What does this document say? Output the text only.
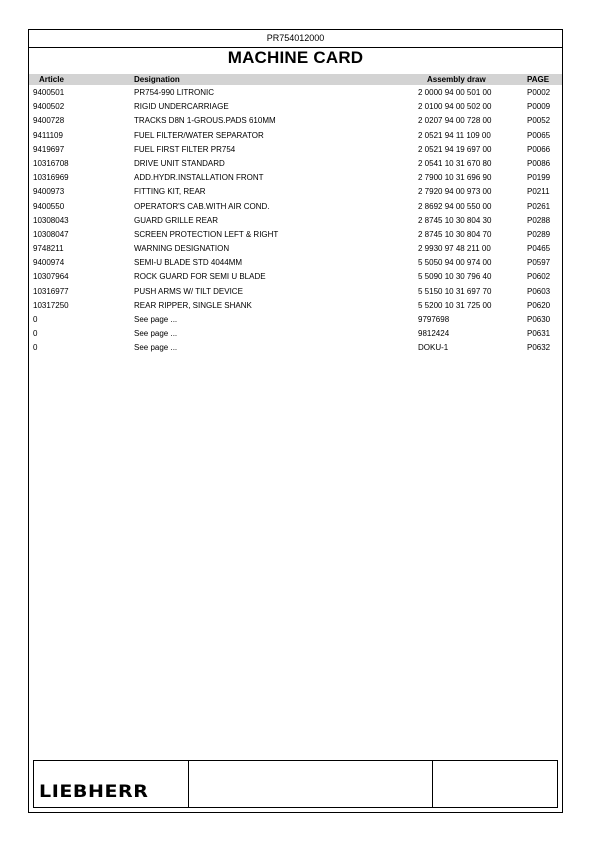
PR754012000
MACHINE CARD
Article	Designation	Assembly draw	PAGE
9400501	PR754-990 LITRONIC	2 0000 94 00 501 00	P0002
9400502	RIGID UNDERCARRIAGE	2 0100 94 00 502 00	P0009
9400728	TRACKS D8N 1-GROUS.PADS 610MM	2 0207 94 00 728 00	P0052
9411109	FUEL FILTER/WATER SEPARATOR	2 0521 94 11 109 00	P0065
9419697	FUEL FIRST FILTER PR754	2 0521 94 19 697 00	P0066
10316708	DRIVE UNIT STANDARD	2 0541 10 31 670 80	P0086
10316969	ADD.HYDR.INSTALLATION FRONT	2 7900 10 31 696 90	P0199
9400973	FITTING KIT, REAR	2 7920 94 00 973 00	P0211
9400550	OPERATOR'S CAB.WITH AIR COND.	2 8692 94 00 550 00	P0261
10308043	GUARD GRILLE REAR	2 8745 10 30 804 30	P0288
10308047	SCREEN PROTECTION LEFT & RIGHT	2 8745 10 30 804 70	P0289
9748211	WARNING DESIGNATION	2 9930 97 48 211 00	P0465
9400974	SEMI-U BLADE STD 4044MM	5 5050 94 00 974 00	P0597
10307964	ROCK GUARD FOR SEMI U BLADE	5 5090 10 30 796 40	P0602
10316977	PUSH ARMS W/ TILT DEVICE	5 5150 10 31 697 70	P0603
10317250	REAR RIPPER, SINGLE SHANK	5 5200 10 31 725 00	P0620
0	See page ...	9797698	P0630
0	See page ...	9812424	P0631
0	See page ...	DOKU-1	P0632
LIEBHERR
